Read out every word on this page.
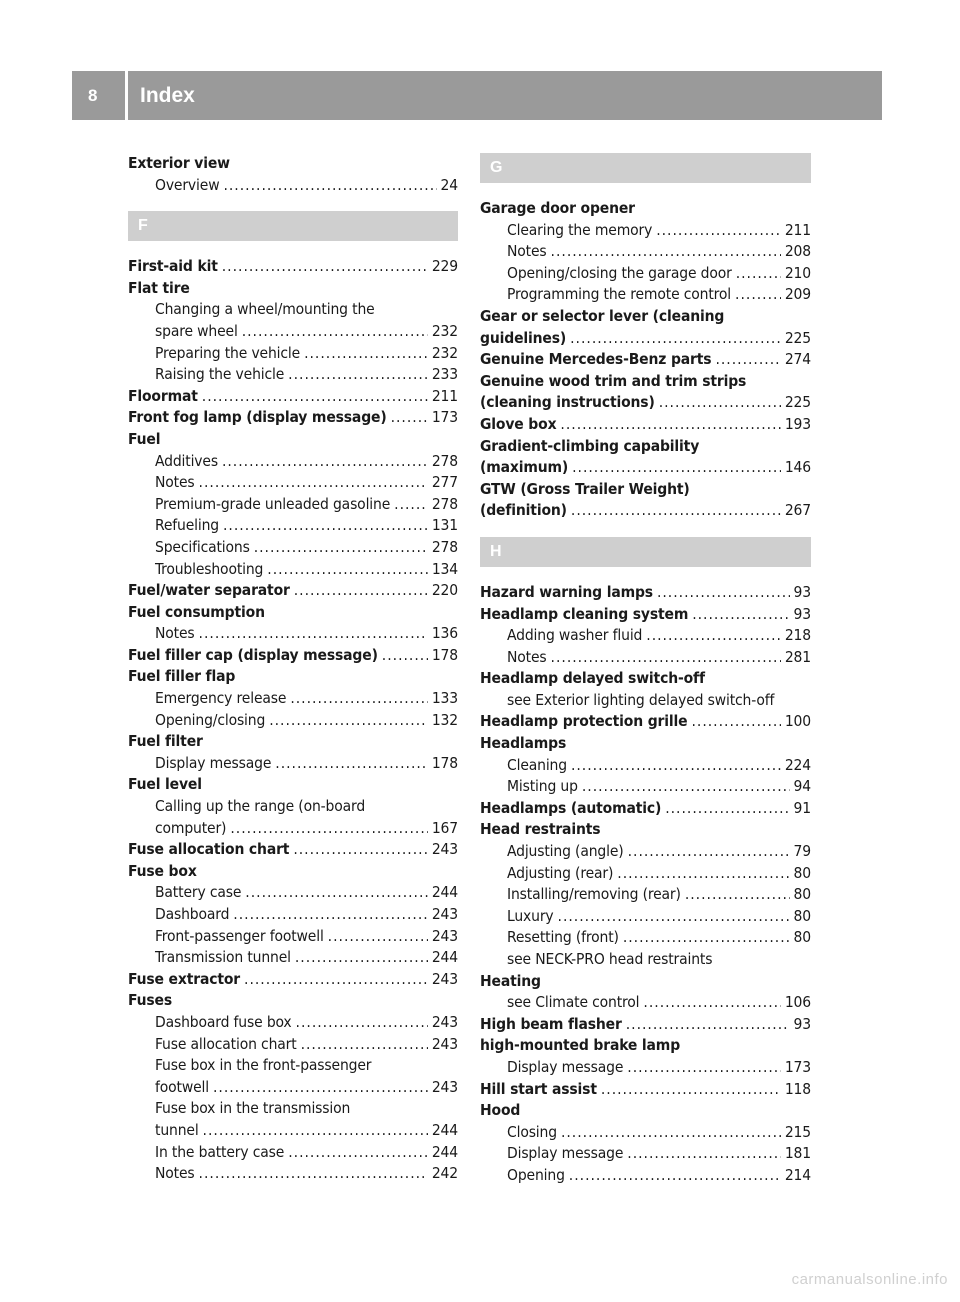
8	Index
Exterior view
Overview .....	24
F
First-aid kit .....	229
Flat tire
Changing a wheel/mounting the
spare wheel .....	232
Preparing the vehicle .....	232
Raising the vehicle .....	233
Floormat .....	211
Front fog lamp (display message) .....	173
Fuel
Additives .....	278
Notes .....	277
Premium-grade unleaded gasoline .....	278
Refueling .....	131
Specifications .....	278
Troubleshooting .....	134
Fuel/water separator .....	220
Fuel consumption
Notes .....	136
Fuel filler cap (display message) .....	178
Fuel filler flap
Emergency release .....	133
Opening/closing .....	132
Fuel filter
Display message .....	178
Fuel level
Calling up the range (on-board
computer) .....	167
Fuse allocation chart .....	243
Fuse box
Battery case .....	244
Dashboard .....	243
Front-passenger footwell .....	243
Transmission tunnel .....	244
Fuse extractor .....	243
Fuses
Dashboard fuse box .....	243
Fuse allocation chart .....	243
Fuse box in the front-passenger
footwell .....	243
Fuse box in the transmission
tunnel .....	244
In the battery case .....	244
Notes .....	242
G
Garage door opener
Clearing the memory .....	211
Notes .....	208
Opening/closing the garage door .....	210
Programming the remote control .....	209
Gear or selector lever (cleaning
guidelines) .....	225
Genuine Mercedes-Benz parts .....	274
Genuine wood trim and trim strips
(cleaning instructions) .....	225
Glove box .....	193
Gradient-climbing capability
(maximum) .....	146
GTW (Gross Trailer Weight)
(definition) .....	267
H
Hazard warning lamps .....	93
Headlamp cleaning system .....	93
Adding washer fluid .....	218
Notes .....	281
Headlamp delayed switch-off
see Exterior lighting delayed switch-off
Headlamp protection grille .....	100
Headlamps
Cleaning .....	224
Misting up .....	94
Headlamps (automatic) .....	91
Head restraints
Adjusting (angle) .....	79
Adjusting (rear) .....	80
Installing/removing (rear) .....	80
Luxury .....	80
Resetting (front) .....	80
see NECK-PRO head restraints
Heating
see Climate control .....	106
High beam flasher .....	93
high-mounted brake lamp
Display message .....	173
Hill start assist .....	118
Hood
Closing .....	215
Display message .....	181
Opening .....	214
carmanualsonline.info
